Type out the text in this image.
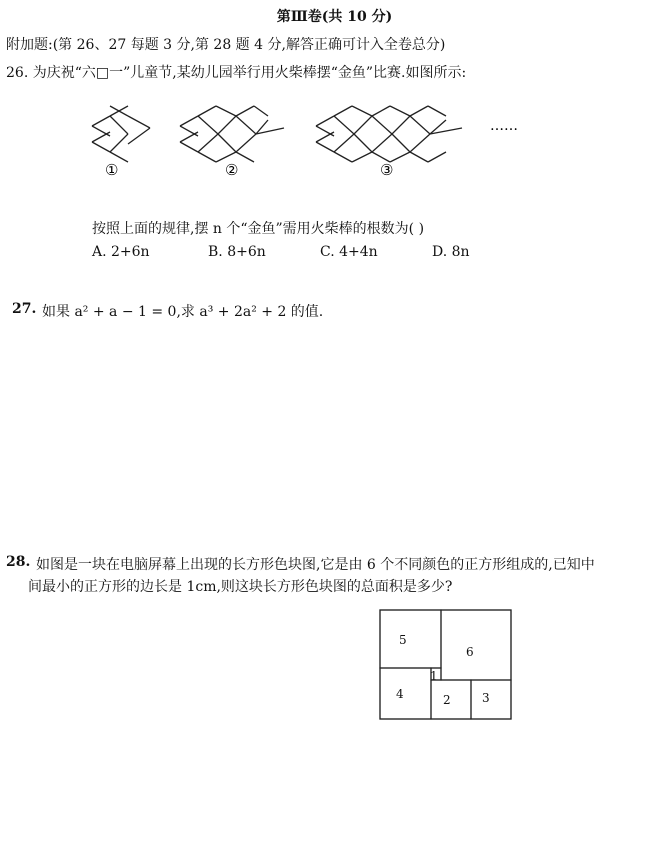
第Ⅲ卷(共 10 分)
附加题:(第 26、27 每题 3 分,第 28 题 4 分,解答正确可计入全卷总分)
26. 为庆祝“六□一”儿童节,某幼儿园举行用火柴棒摆“金鱼”比赛.如图所示:
……
①	②	③
按照上面的规律,摆 n 个“金鱼”需用火柴棒的根数为( )
A. 2+6n	B. 8+6n	C. 4+4n	D. 8n
27. 如果 a² + a − 1 = 0,求 a³ + 2a² + 2 的值.
28. 如图是一块在电脑屏幕上出现的长方形色块图,它是由 6 个不同颜色的正方形组成的,已知中
间最小的正方形的边长是 1cm,则这块长方形色块图的总面积是多少?
5
6
1
4	2	3
